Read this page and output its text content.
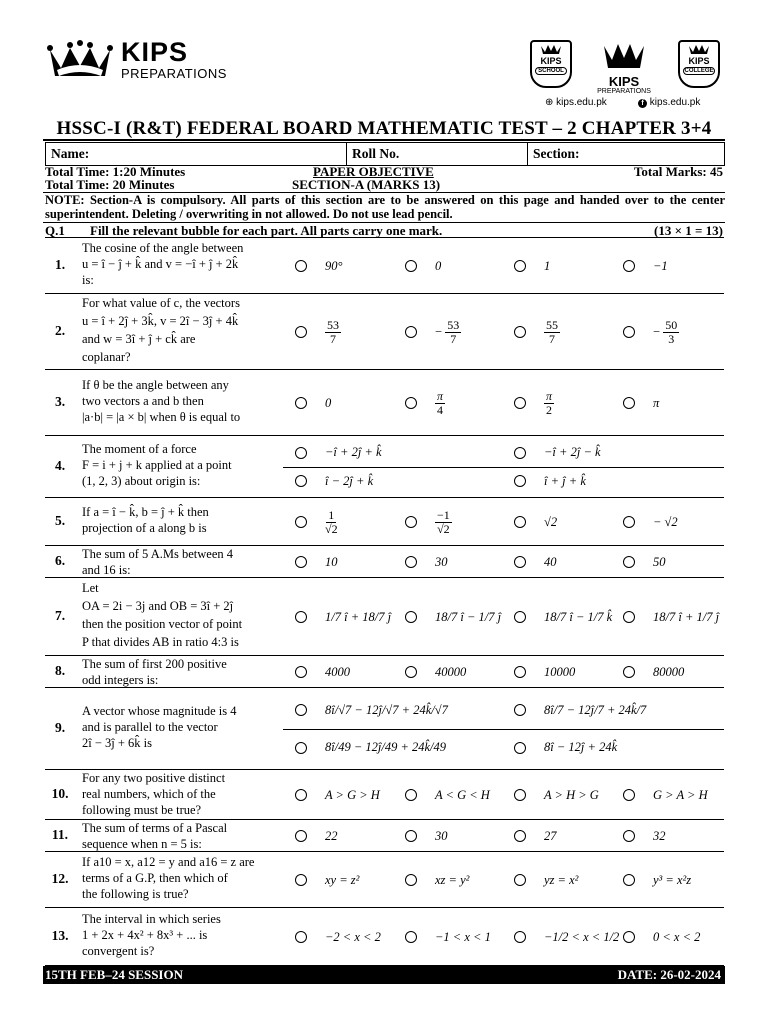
KIPS
PREPARATIONS
KIPS
SCHOOL
KIPS
PREPARATIONS
KIPS
COLLEGE
⊕ kips.edu.pk	f kips.edu.pk
HSSC-I (R&T) FEDERAL BOARD MATHEMATIC TEST – 2 CHAPTER 3+4
Name:	Roll No.	Section:
Total Time: 1:20 Minutes
Total Time: 20 Minutes
PAPER OBJECTIVE
SECTION-A (MARKS 13)
Total Marks: 45
NOTE: Section-A is compulsory. All parts of this section are to be answered on this page and handed over to the center superintendent. Deleting / overwriting in not allowed. Do not use lead pencil.
Q.1 Fill the relevant bubble for each part. All parts carry one mark.	(13 × 1 = 13)
1.
The cosine of the angle between
u = î − ĵ + k̂ and v = −î + ĵ + 2k̂
is:
90°	0	1	−1
2.
For what value of c, the vectors
u = î + 2ĵ + 3k̂, v = 2î − 3ĵ + 4k̂
and w = 3î + ĵ + ck̂ are
coplanar?
$\frac{53}{7}$	− $\frac{53}{7}$	$\frac{55}{7}$	− $\frac{50}{3}$
3.
If θ be the angle between any
two vectors a and b then
|a·b| = |a × b| when θ is equal to
0	$\frac{\pi}{4}$	$\frac{\pi}{2}$	π
4.
The moment of a force
F = i + j + k applied at a point
(1, 2, 3) about origin is:
−î + 2ĵ + k̂	−î + 2ĵ − k̂
î − 2ĵ + k̂	î + ĵ + k̂
5.
If a = î − k̂, b = ĵ + k̂ then
projection of a along b is	$\frac{1}{√2}$	$\frac{-1}{√2}$	√2	− √2
6.	The sum of 5 A.Ms between 4
and 16 is:
10	30	40	50
7.
Let
OA = 2i − 3j and OB = 3î + 2ĵ
then the position vector of point
P that divides AB in ratio 4:3 is
1/7 î + 18/7 ĵ	18/7 î − 1/7 ĵ	18/7 î − 1/7 k̂	18/7 î + 1/7 ĵ
8.	The sum of first 200 positive
odd integers is:
4000	40000	10000	80000
9.
A vector whose magnitude is 4
and is parallel to the vector
2î − 3ĵ + 6k̂ is
8î/√7 − 12ĵ/√7 + 24k̂/√7	8î/7 − 12ĵ/7 + 24k̂/7
8î/49 − 12ĵ/49 + 24k̂/49	8î − 12ĵ + 24k̂
10.
For any two positive distinct
real numbers, which of the
following must be true?
A > G > H	A < G < H	A > H > G	G > A > H
11.	The sum of terms of a Pascal
sequence when n = 5 is:
22	30	27	32
12.
If a10 = x, a12 = y and a16 = z are
terms of a G.P, then which of
the following is true?
xy = z²	xz = y²	yz = x²	y³ = x²z
13.
The interval in which series
1 + 2x + 4x² + 8x³ + ... is
convergent is?
−2 < x < 2	−1 < x < 1	−1/2 < x < 1/2	0 < x < 2
15TH FEB–24 SESSION	DATE: 26-02-2024
